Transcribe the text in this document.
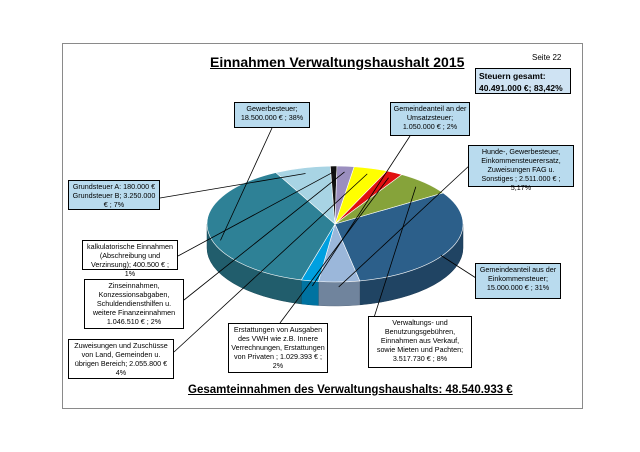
Einnahmen Verwaltungshaushalt 2015	Seite 22
Steuern gesamt:
40.491.000 €; 83,42%
Gemeindeanteil aus der Einkommensteuer; 15.000.000 € ; 31%
Hunde-, Gewerbesteuer, Einkommensteuerersatz, Zuweisungen FAG u. Sonstiges ; 2.511.000 € ; 5,17%
Gemeindeanteil an der Umsatzsteuer; 1.050.000 € ; 2%
Gewerbesteuer; 18.500.000 € ; 38%
Grundsteuer A: 180.000 € Grundsteuer B; 3.250.000 € ; 7%
kalkulatorische Einnahmen (Abschreibung und Verzinsung); 400.500 € ; 1%
Zinseinnahmen, Konzessionsabgaben, Schuldendiensthilfen u. weitere Finanzeinnahmen 1.046.510 € ; 2%
Zuweisungen und Zuschüsse von Land, Gemeinden u. übrigen Bereich; 2.055.800 € 4%
Erstattungen von Ausgaben des VWH wie z.B. Innere Verrechnungen, Erstattungen von Privaten ; 1.029.393 € ; 2%
Verwaltungs- und Benutzungsgebühren, Einnahmen aus Verkauf, sowie Mieten und Pachten; 3.517.730 € ; 8%
Gesamteinnahmen des Verwaltungshaushalts: 48.540.933 €
